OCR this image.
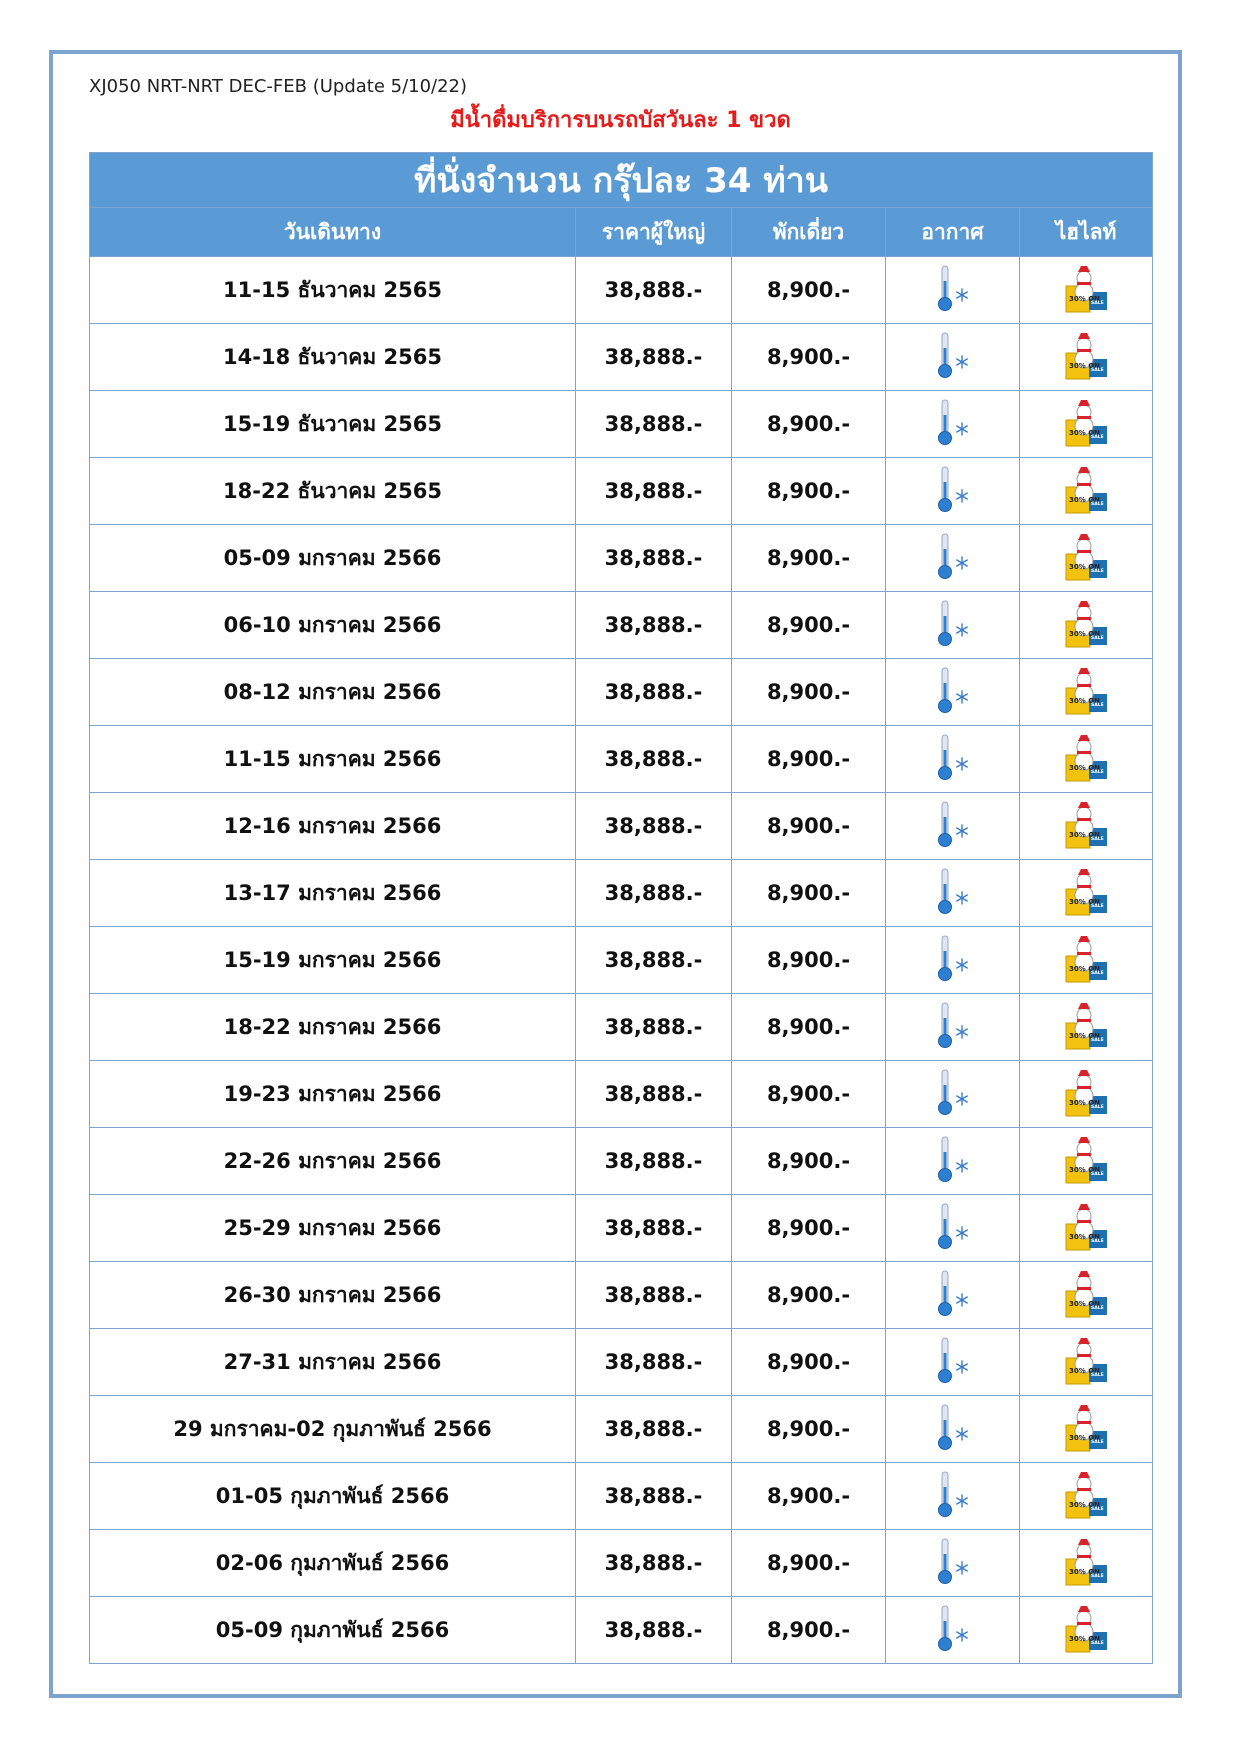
XJ050 NRT-NRT DEC-FEB (Update 5/10/22)
มีน้ำดื่มบริการบนรถบัสวันละ 1 ขวด
ที่นั่งจำนวน กรุ๊ปละ 34 ท่าน				
วันเดินทาง	ราคาผู้ใหญ่	พักเดี่ยว	อากาศ	ไฮไลท์
11-15 ธันวาคม 2565	38,888.-	8,900.-		30% ON
SALE

14-18 ธันวาคม 2565	38,888.-	8,900.-		30% ON
SALE

15-19 ธันวาคม 2565	38,888.-	8,900.-		30% ON
SALE

18-22 ธันวาคม 2565	38,888.-	8,900.-		30% ON
SALE

05-09 มกราคม 2566	38,888.-	8,900.-		30% ON
SALE

06-10 มกราคม 2566	38,888.-	8,900.-		30% ON
SALE

08-12 มกราคม 2566	38,888.-	8,900.-		30% ON
SALE

11-15 มกราคม 2566	38,888.-	8,900.-		30% ON
SALE

12-16 มกราคม 2566	38,888.-	8,900.-		30% ON
SALE

13-17 มกราคม 2566	38,888.-	8,900.-		30% ON
SALE

15-19 มกราคม 2566	38,888.-	8,900.-		30% ON
SALE

18-22 มกราคม 2566	38,888.-	8,900.-		30% ON
SALE

19-23 มกราคม 2566	38,888.-	8,900.-		30% ON
SALE

22-26 มกราคม 2566	38,888.-	8,900.-		30% ON
SALE

25-29 มกราคม 2566	38,888.-	8,900.-		30% ON
SALE

26-30 มกราคม 2566	38,888.-	8,900.-		30% ON
SALE

27-31 มกราคม 2566	38,888.-	8,900.-		30% ON
SALE

29 มกราคม-02 กุมภาพันธ์ 2566	38,888.-	8,900.-		30% ON
SALE

01-05 กุมภาพันธ์ 2566	38,888.-	8,900.-		30% ON
SALE

02-06 กุมภาพันธ์ 2566	38,888.-	8,900.-		30% ON
SALE

05-09 กุมภาพันธ์ 2566	38,888.-	8,900.-		30% ON
SALE
